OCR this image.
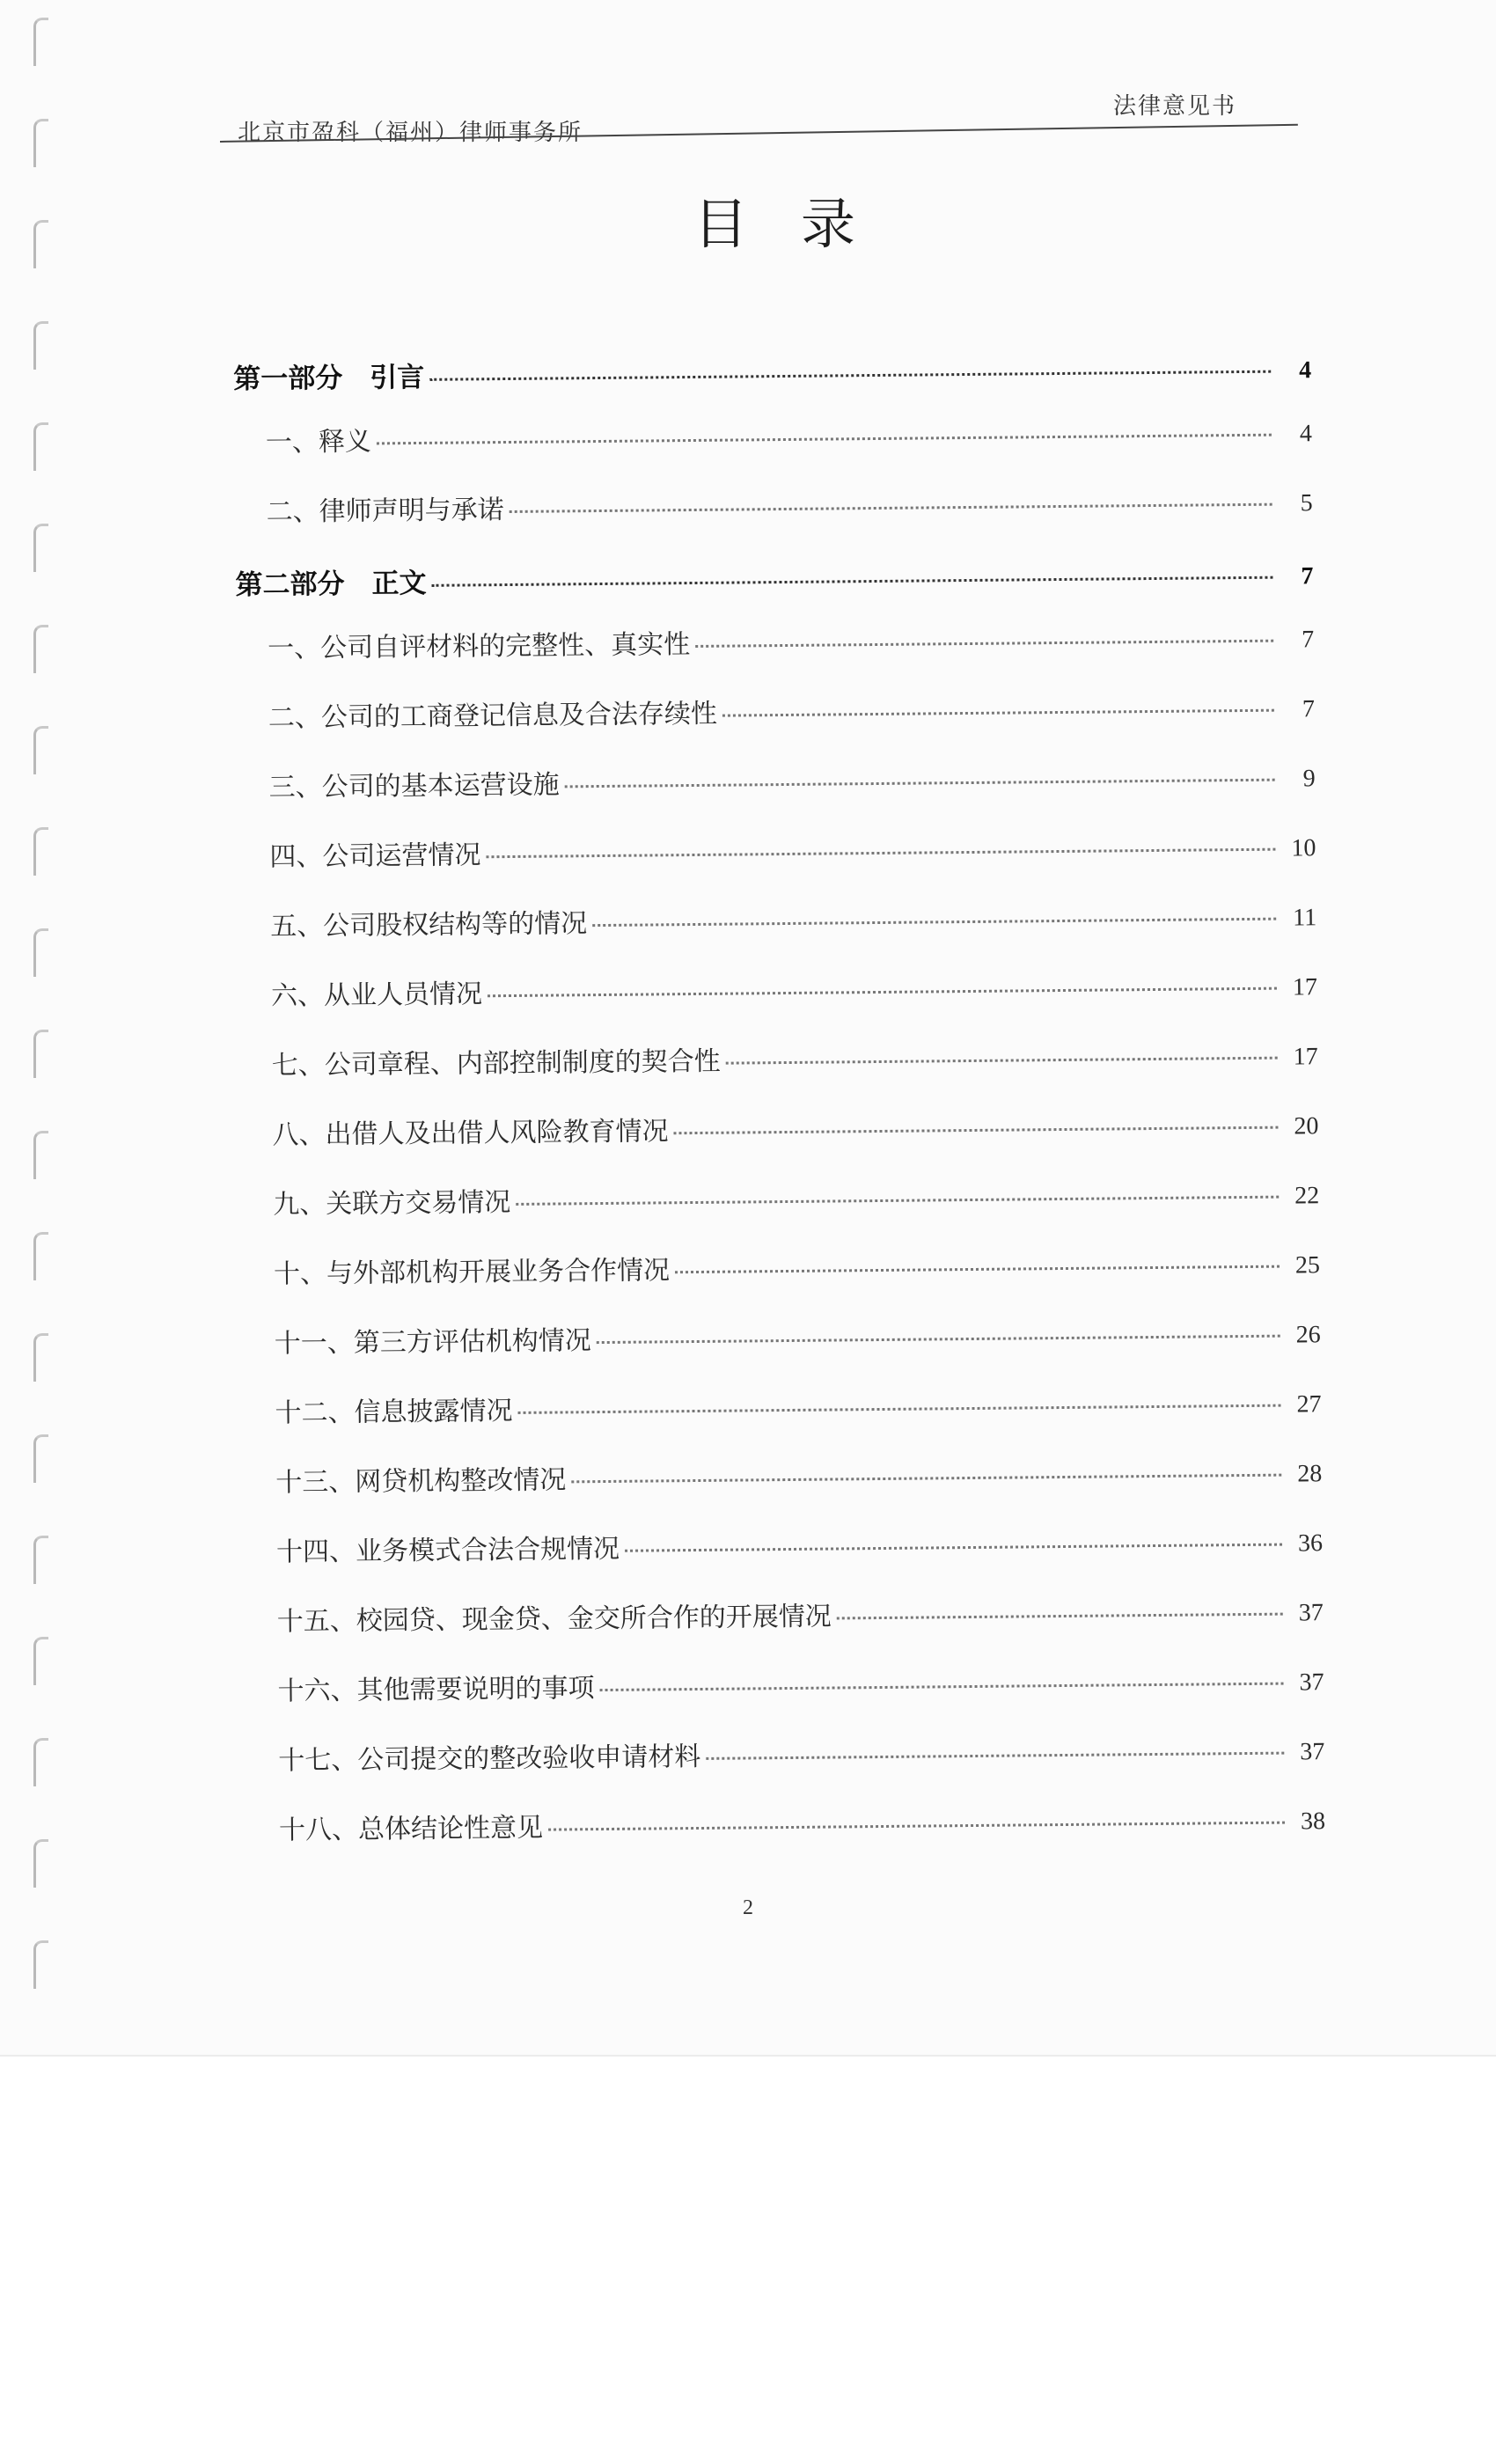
北京市盈科（福州）律师事务所
法律意见书
目录
第一部分　引言	4
一、释义	4
二、律师声明与承诺	5
第二部分　正文	7
一、公司自评材料的完整性、真实性	7
二、公司的工商登记信息及合法存续性	7
三、公司的基本运营设施	9
四、公司运营情况	10
五、公司股权结构等的情况	11
六、从业人员情况	17
七、公司章程、内部控制制度的契合性	17
八、出借人及出借人风险教育情况	20
九、关联方交易情况	22
十、与外部机构开展业务合作情况	25
十一、第三方评估机构情况	26
十二、信息披露情况	27
十三、网贷机构整改情况	28
十四、业务模式合法合规情况	36
十五、校园贷、现金贷、金交所合作的开展情况	37
十六、其他需要说明的事项	37
十七、公司提交的整改验收申请材料	37
十八、总体结论性意见	38
2
